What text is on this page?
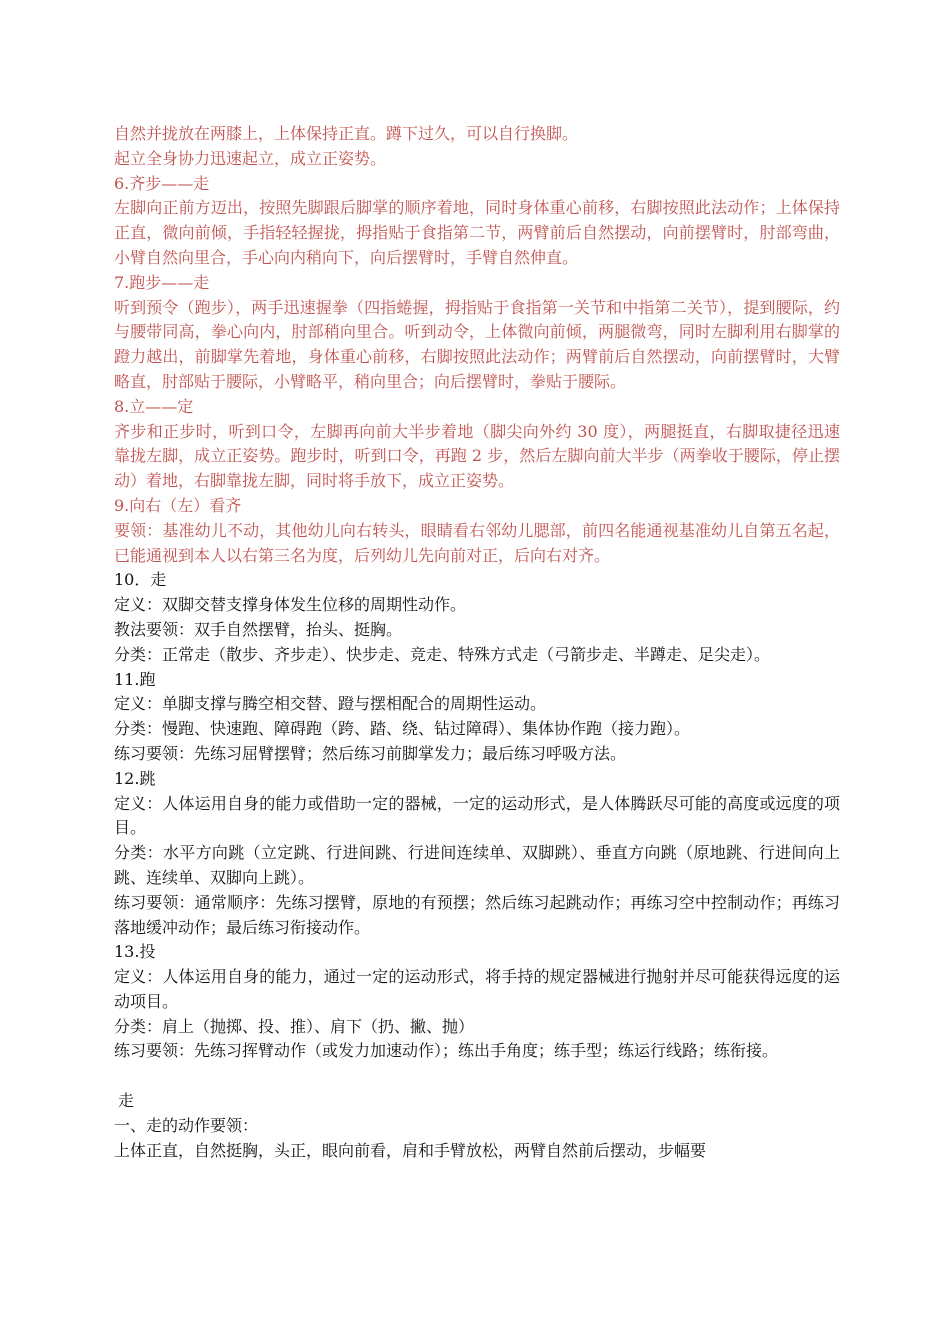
自然并拢放在两膝上，上体保持正直。蹲下过久，可以自行换脚。

起立全身协力迅速起立，成立正姿势。

6.齐步——走

左脚向正前方迈出，按照先脚跟后脚掌的顺序着地，同时身体重心前移，右脚按照此法动作；上体保持正直，微向前倾，手指轻轻握拢，拇指贴于食指第二节，两臂前后自然摆动，向前摆臂时，肘部弯曲，小臂自然向里合，手心向内稍向下，向后摆臂时，手臂自然伸直。

7.跑步——走

听到预令（跑步），两手迅速握拳（四指蜷握，拇指贴于食指第一关节和中指第二关节），提到腰际，约与腰带同高，拳心向内，肘部稍向里合。听到动令，上体微向前倾，两腿微弯，同时左脚利用右脚掌的蹬力越出，前脚掌先着地，身体重心前移，右脚按照此法动作；两臂前后自然摆动，向前摆臂时，大臂略直，肘部贴于腰际，小臂略平，稍向里合；向后摆臂时，拳贴于腰际。

8.立——定

齐步和正步时，听到口令，左脚再向前大半步着地（脚尖向外约 30 度），两腿挺直，右脚取捷径迅速靠拢左脚，成立正姿势。跑步时，听到口令，再跑 2 步，然后左脚向前大半步（两拳收于腰际，停止摆动）着地，右脚靠拢左脚，同时将手放下，成立正姿势。

9.向右（左）看齐

要领：基准幼儿不动，其他幼儿向右转头，眼睛看右邻幼儿腮部，前四名能通视基准幼儿自第五名起，已能通视到本人以右第三名为度，后列幼儿先向前对正，后向右对齐。

10．走

定义：双脚交替支撑身体发生位移的周期性动作。

教法要领：双手自然摆臂，抬头、挺胸。

分类：正常走（散步、齐步走）、快步走、竞走、特殊方式走（弓箭步走、半蹲走、足尖走）。

11.跑

定义：单脚支撑与腾空相交替、蹬与摆相配合的周期性运动。

分类：慢跑、快速跑、障碍跑（跨、踏、绕、钻过障碍）、集体协作跑（接力跑）。

练习要领：先练习屈臂摆臂；然后练习前脚掌发力；最后练习呼吸方法。

12.跳

定义：人体运用自身的能力或借助一定的器械，一定的运动形式，是人体腾跃尽可能的高度或远度的项目。

分类：水平方向跳（立定跳、行进间跳、行进间连续单、双脚跳）、垂直方向跳（原地跳、行进间向上跳、连续单、双脚向上跳）。

练习要领：通常顺序：先练习摆臂，原地的有预摆；然后练习起跳动作；再练习空中控制动作；再练习落地缓冲动作；最后练习衔接动作。

13.投

定义：人体运用自身的能力，通过一定的运动形式，将手持的规定器械进行抛射并尽可能获得远度的运动项目。

分类：肩上（抛掷、投、推）、肩下（扔、撇、抛）

练习要领：先练习挥臂动作（或发力加速动作）；练出手角度；练手型；练运行线路；练衔接。

走

一、走的动作要领：

上体正直，自然挺胸，头正，眼向前看，肩和手臂放松，两臂自然前后摆动，步幅要
